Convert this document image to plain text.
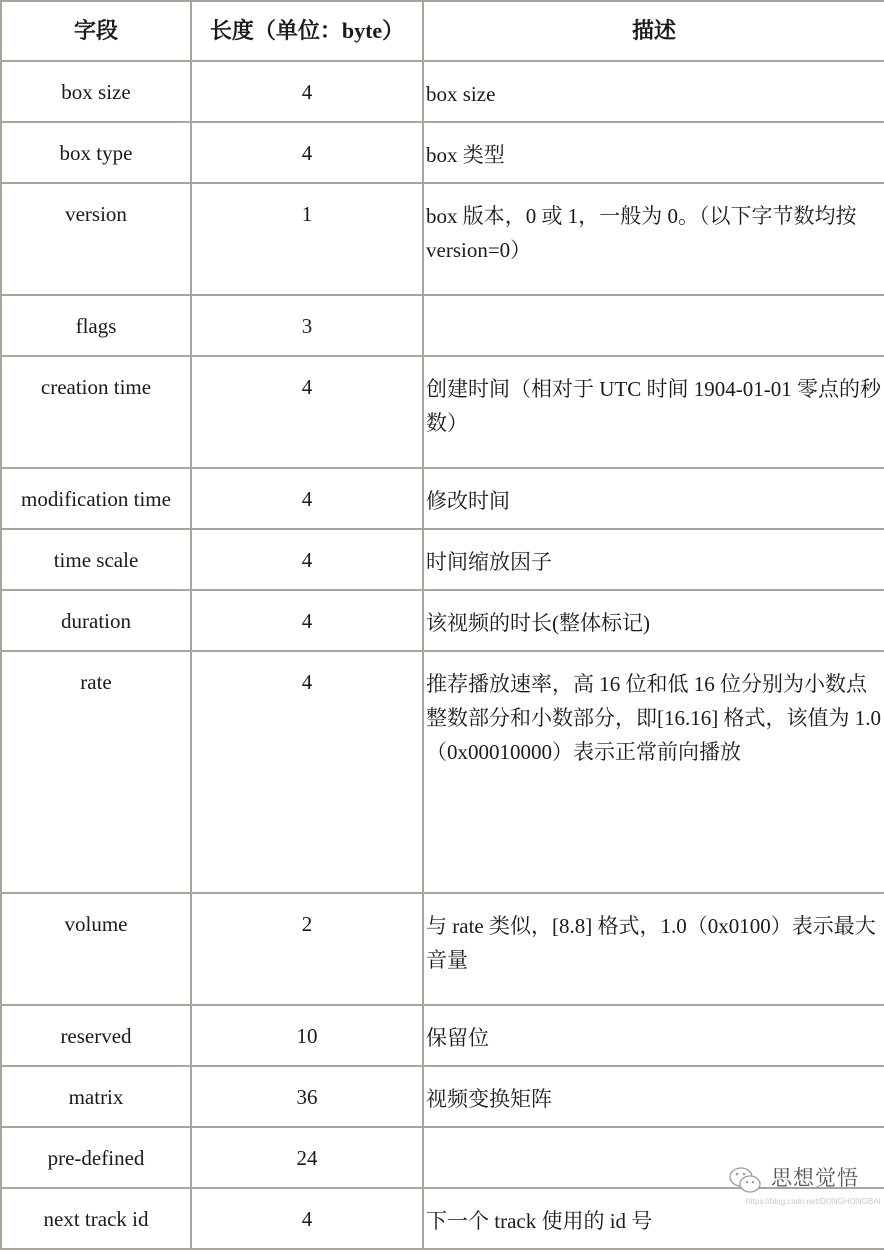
字段	长度（单位：byte）	描述
box size	4	box size
box type	4	box 类型
version	1	box 版本，0 或 1，一般为 0。（以下字节数均按 version=0）
flags	3	
creation time	4	创建时间（相对于 UTC 时间 1904-01-01 零点的秒数）
modification time	4	修改时间
time scale	4	时间缩放因子
duration	4	该视频的时长(整体标记)
rate	4	推荐播放速率，高 16 位和低 16 位分别为小数点整数部分和小数部分，即[16.16] 格式，该值为 1.0（0x00010000）表示正常前向播放
volume	2	与 rate 类似，[8.8] 格式，1.0（0x0100）表示最大音量
reserved	10	保留位
matrix	36	视频变换矩阵
pre-defined	24	
next track id	4	下一个 track 使用的 id 号
思想觉悟
https://blog.csdn.net/DONGHONGBAI
